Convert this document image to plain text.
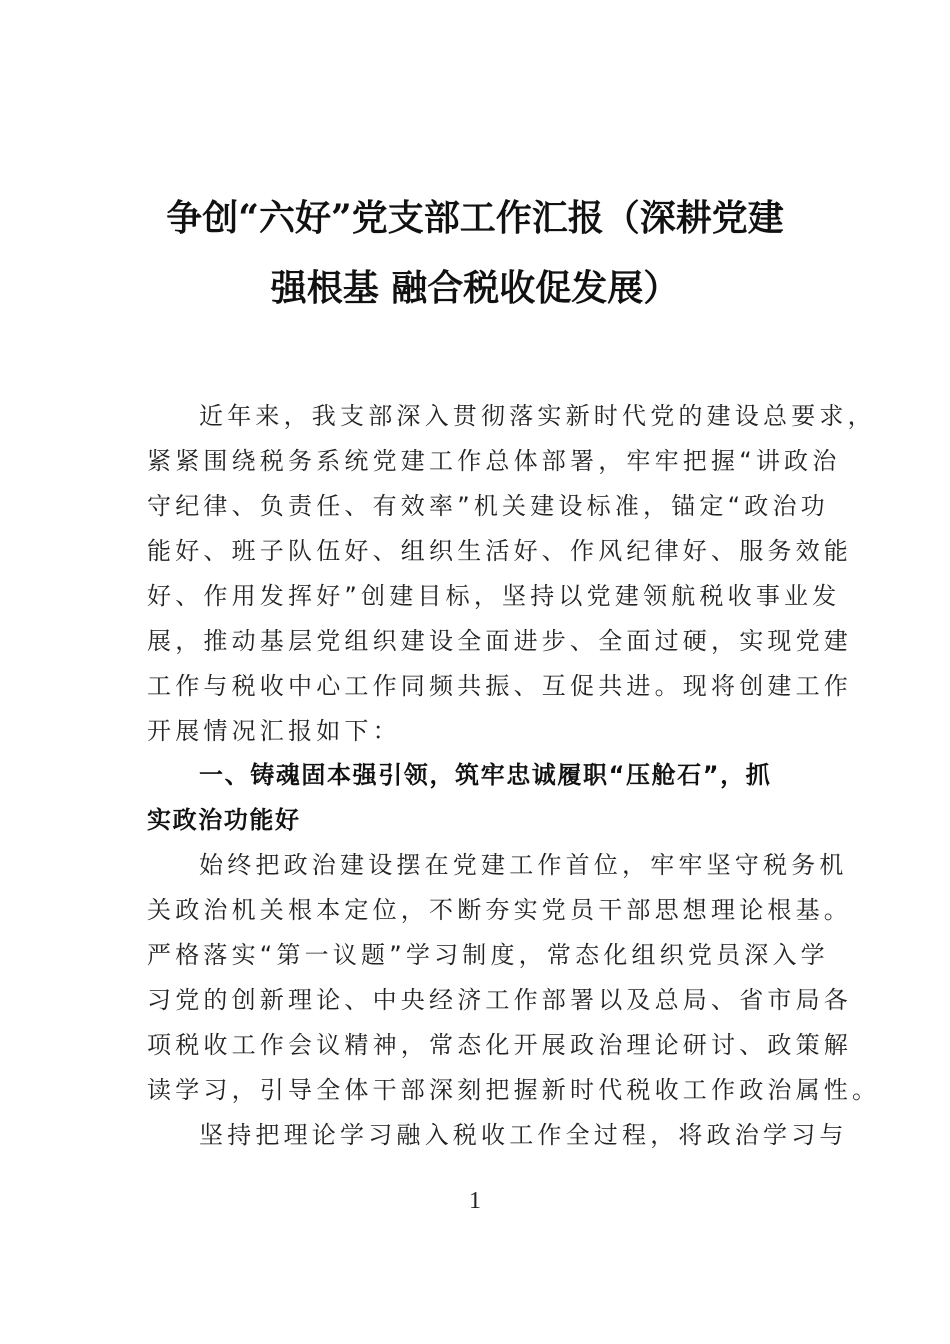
争创“六好”党支部工作汇报（深耕党建
强根基 融合税收促发展）
近年来，我支部深入贯彻落实新时代党的建设总要求，
紧紧围绕税务系统党建工作总体部署，牢牢把握“讲政治
守纪律、负责任、有效率”机关建设标准，锚定“政治功
能好、班子队伍好、组织生活好、作风纪律好、服务效能
好、作用发挥好”创建目标，坚持以党建领航税收事业发
展，推动基层党组织建设全面进步、全面过硬，实现党建
工作与税收中心工作同频共振、互促共进。现将创建工作
开展情况汇报如下：
一、铸魂固本强引领，筑牢忠诚履职“压舱石”，抓
实政治功能好
始终把政治建设摆在党建工作首位，牢牢坚守税务机
关政治机关根本定位，不断夯实党员干部思想理论根基。
严格落实“第一议题”学习制度，常态化组织党员深入学
习党的创新理论、中央经济工作部署以及总局、省市局各
项税收工作会议精神，常态化开展政治理论研讨、政策解
读学习，引导全体干部深刻把握新时代税收工作政治属性。
坚持把理论学习融入税收工作全过程，将政治学习与
1
